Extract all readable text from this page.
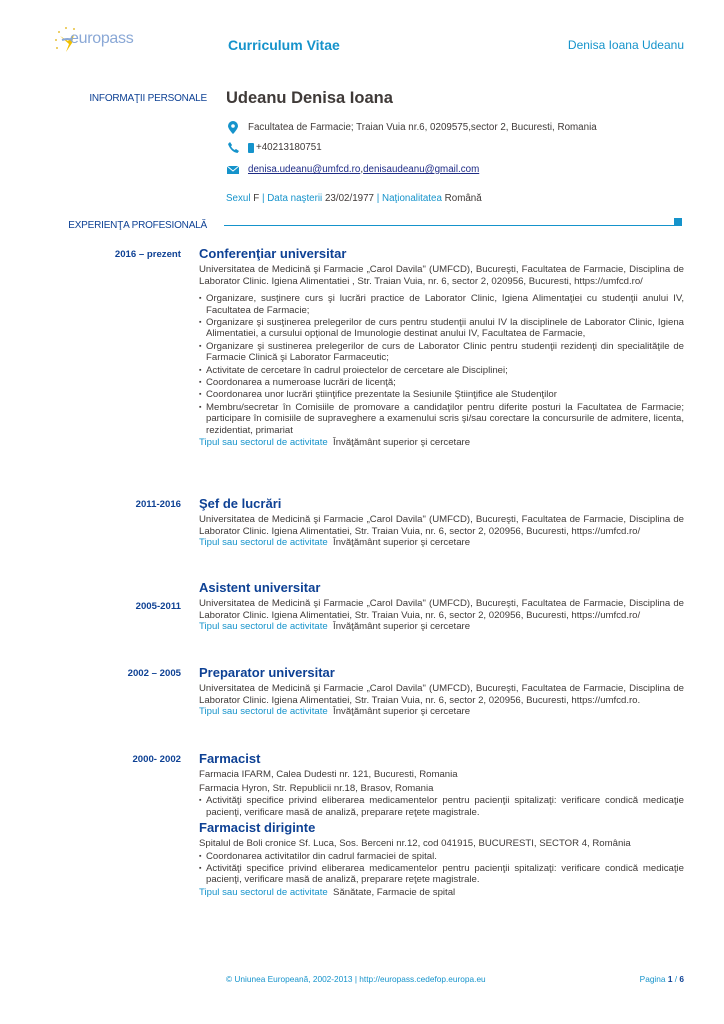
europass	Curriculum Vitae	Denisa Ioana Udeanu
INFORMAŢII PERSONALE Udeanu Denisa Ioana
Facultatea de Farmacie; Traian Vuia nr.6, 0209575,sector 2, Bucuresti, Romania
+40213180751
denisa.udeanu@umfcd.ro , denisaudeanu@gmail.com
Sexul
F | Data naşterii
23/02/1977 | Naţionalitatea
Română
EXPERIENŢA PROFESIONALĂ
2016 – prezent Conferenţiar universitar
Universitatea de Medicină şi Farmacie „Carol Davila" (UMFCD), Bucureşti, Facultatea de Farmacie, Disciplina de Laborator Clinic. Igiena Alimentatiei , Str. Traian Vuia, nr. 6, sector 2, 020956, Bucuresti, https://umfcd.ro/
▪ Organizare, susţinere curs şi lucrări practice de Laborator Clinic, Igiena Alimentaţiei cu studenţii anului IV, Facultatea de Farmacie;
▪ Organizare şi susţinerea prelegerilor de curs pentru studenţii anului IV la disciplinele de Laborator Clinic, Igiena Alimentatiei, a cursului opţional de Imunologie destinat anului IV, Facultatea de Farmacie,
▪ Organizare şi sustinerea prelegerilor de curs de Laborator Clinic pentru studenţii rezidenţi din specialităţile de Farmacie Clinică şi Laborator Farmaceutic;
▪ Activitate de cercetare în cadrul proiectelor de cercetare ale Disciplinei;
▪ Coordonarea a numeroase lucrări de licenţă;
▪ Coordonarea unor lucrări ştiinţifice prezentate la Sesiunile Ştiinţifice ale Studenţilor
▪ Membru/secretar în Comisiile de promovare a candidaţilor pentru diferite posturi la Facultatea de Farmacie; participare în comisiile de supraveghere a examenului scris şi/sau corectare la concursurile de admitere, licenta, rezidentiat, primariat
Tipul sau sectorul de activitate Învăţământ superior şi cercetare
2011-2016 Şef de lucrări
Universitatea de Medicină şi Farmacie „Carol Davila" (UMFCD), Bucureşti, Facultatea de Farmacie, Disciplina de Laborator Clinic. Igiena Alimentatiei, Str. Traian Vuia, nr. 6, sector 2, 020956, Bucuresti, https://umfcd.ro/
Tipul sau sectorul de activitate Învăţământ superior şi cercetare
2005-2011
Asistent universitar
Universitatea de Medicină şi Farmacie „Carol Davila" (UMFCD), Bucureşti, Facultatea de Farmacie, Disciplina de Laborator Clinic. Igiena Alimentatiei, Str. Traian Vuia, nr. 6, sector 2, 020956, Bucuresti, https://umfcd.ro/
Tipul sau sectorul de activitate Învăţământ superior şi cercetare
2002 – 2005 Preparator universitar
Universitatea de Medicină şi Farmacie „Carol Davila" (UMFCD), Bucureşti, Facultatea de Farmacie, Disciplina de Laborator Clinic. Igiena Alimentatiei, Str. Traian Vuia, nr. 6, sector 2, 020956, Bucuresti, https://umfcd.ro.
Tipul sau sectorul de activitate Învăţământ superior şi cercetare
2000- 2002 Farmacist
Farmacia IFARM, Calea Dudesti nr. 121, Bucuresti, Romania
Farmacia Hyron, Str. Republicii nr.18, Brasov, Romania
▪ Activităţi specifice privind eliberarea medicamentelor pentru pacienţii spitalizaţi: verificare condică medicaţie pacienţi, verificare masă de analiză, preparare reţete magistrale.
Farmacist diriginte
Spitalul de Boli cronice Sf. Luca, Sos. Berceni nr.12, cod 041915, BUCURESTI, SECTOR 4, România
▪ Coordonarea activitatilor din cadrul farmaciei de spital.
▪ Activităţi specifice privind eliberarea medicamentelor pentru pacienţii spitalizaţi: verificare condică medicaţie pacienţi, verificare masă de analiză, preparare reţete magistrale.
Tipul sau sectorul de activitate Sănătate, Farmacie de spital
© Uniunea Europeană, 2002-2013 | http://europass.cedefop.europa.eu	Pagina 1 / 6
